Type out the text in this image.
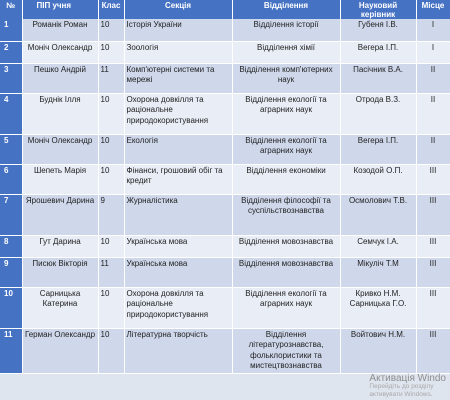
№	ПІП учня	Клас	Секція	Відділення	Науковий керівник	Місце
1	Романік Роман	10	Історія України	Відділення історії	Губеня І.В.	I
2	Моніч Олександр	10	Зоологія	Відділення хімії	Вегера І.П.	I
3	Пешко Андрій	11	Комп'ютерні системи та мережі	Відділення комп'ютерних наук	Пасічник В.А.	II
4	Буднік Ілля	10	Охорона довкілля та раціональне природокористування	Відділення екології та аграрних наук	Отрода В.З.	II
5	Моніч Олександр	10	Екологія	Відділення екології та аграрних наук	Вегера І.П.	II
6	Шепеть Марія	10	Фінанси, грошовий обіг та кредит	Відділення економіки	Козодой О.П.	III
7	Ярошевич Дарина	9	Журналістика	Відділення філософії та суспільствознавства	Осмолович Т.В.	III
8	Гут Дарина	10	Українська мова	Відділення мовознавства	Семчук І.А.	III
9	Писюк Вікторія	11	Українська мова	Відділення мовознавства	Мікуліч Т.М	III
10	Сарницька Катерина	10	Охорона довкілля та раціональне природокористування	Відділення екології та аграрних наук	Кривко Н.М. Сарницька Г.О.	III
11	Герман Олександр	10	Літературна творчість	Відділення літературознавства, фольклористики та мистецтвознавства	Войтович Н.М.	III
Активація Windo
Перейдіть до розділу
активувати Windows.
